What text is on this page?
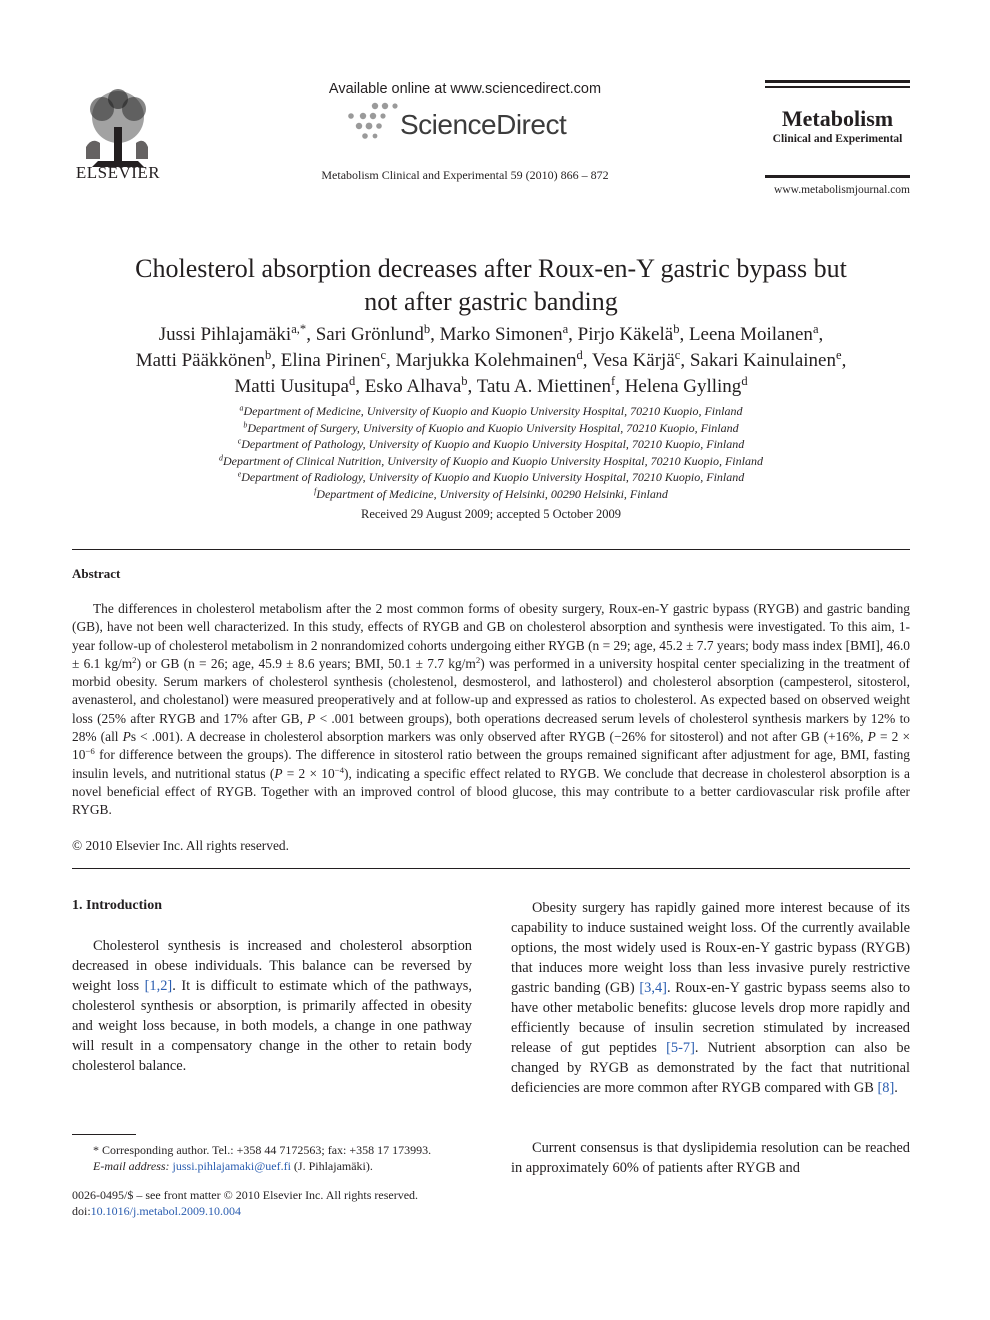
ELSEVIER
Available online at www.sciencedirect.com
ScienceDirect
Metabolism Clinical and Experimental 59 (2010) 866 – 872
Metabolism
Clinical and Experimental
www.metabolismjournal.com
Cholesterol absorption decreases after Roux-en-Y gastric bypass but
not after gastric banding
Jussi Pihlajamäki$^{a,*}$, Sari Grönlund$^b$, Marko Simonen$^a$, Pirjo Käkelä$^b$, Leena Moilanen$^a$,
Matti Pääkkönen$^b$, Elina Pirinen$^c$, Marjukka Kolehmainen$^d$, Vesa Kärjä$^c$, Sakari Kainulainen$^e$,
Matti Uusitupa$^d$, Esko Alhava$^b$, Tatu A. Miettinen$^f$, Helena Gylling$^d$
$^a$Department of Medicine, University of Kuopio and Kuopio University Hospital, 70210 Kuopio, Finland
$^b$Department of Surgery, University of Kuopio and Kuopio University Hospital, 70210 Kuopio, Finland
$^c$Department of Pathology, University of Kuopio and Kuopio University Hospital, 70210 Kuopio, Finland
$^d$Department of Clinical Nutrition, University of Kuopio and Kuopio University Hospital, 70210 Kuopio, Finland
$^e$Department of Radiology, University of Kuopio and Kuopio University Hospital, 70210 Kuopio, Finland
$^f$Department of Medicine, University of Helsinki, 00290 Helsinki, Finland
Received 29 August 2009; accepted 5 October 2009
Abstract
The differences in cholesterol metabolism after the 2 most common forms of obesity surgery, Roux-en-Y gastric bypass (RYGB) and gastric banding (GB), have not been well characterized. In this study, effects of RYGB and GB on cholesterol absorption and synthesis were investigated. To this aim, 1-year follow-up of cholesterol metabolism in 2 nonrandomized cohorts undergoing either RYGB (n = 29; age, 45.2 ± 7.7 years; body mass index [BMI], 46.0 ± 6.1 $kg/m^2$) or GB (n = 26; age, 45.9 ± 8.6 years; BMI, 50.1 ± 7.7 $kg/m^2$) was performed in a university hospital center specializing in the treatment of morbid obesity. Serum markers of cholesterol synthesis (cholestenol, desmosterol, and lathosterol) and cholesterol absorption (campesterol, sitosterol, avenasterol, and cholestanol) were measured preoperatively and at follow-up and expressed as ratios to cholesterol. As expected based on observed weight loss (25% after RYGB and 17% after GB, P < .001 between groups), both operations decreased serum levels of cholesterol synthesis markers by 12% to 28% (all Ps < .001). A decrease in cholesterol absorption markers was only observed after RYGB (−26% for sitosterol) and not after GB (+16%, $P = 2 \times 10^{-6}$ for difference between the groups). The difference in sitosterol ratio between the groups remained significant after adjustment for age, BMI, fasting insulin levels, and nutritional status $(P = 2 \times 10^{-4})$, indicating a specific effect related to RYGB. We conclude that decrease in cholesterol absorption is a novel beneficial effect of RYGB. Together with an improved control of blood glucose, this may contribute to a better cardiovascular risk profile after RYGB.
© 2010 Elsevier Inc. All rights reserved.
1. Introduction
Cholesterol synthesis is increased and cholesterol absorption decreased in obese individuals. This balance can be reversed by weight loss [1,2]. It is difficult to estimate which of the pathways, cholesterol synthesis or absorption, is primarily affected in obesity and weight loss because, in both models, a change in one pathway will result in a compensatory change in the other to retain body cholesterol balance.
* Corresponding author. Tel.: +358 44 7172563; fax: +358 17 173993.
E-mail address: jussi.pihlajamaki@uef.fi (J. Pihlajamäki).
0026-0495/$ – see front matter © 2010 Elsevier Inc. All rights reserved.
doi:10.1016/j.metabol.2009.10.004
Obesity surgery has rapidly gained more interest because of its capability to induce sustained weight loss. Of the currently available options, the most widely used is Roux-en-Y gastric bypass (RYGB) that induces more weight loss than less invasive purely restrictive gastric banding (GB) [3,4]. Roux-en-Y gastric bypass seems also to have other metabolic benefits: glucose levels drop more rapidly and efficiently because of insulin secretion stimulated by increased release of gut peptides [5-7]. Nutrient absorption can also be changed by RYGB as demonstrated by the fact that nutritional deficiencies are more common after RYGB compared with GB [8].
Current consensus is that dyslipidemia resolution can be reached in approximately 60% of patients after RYGB and
